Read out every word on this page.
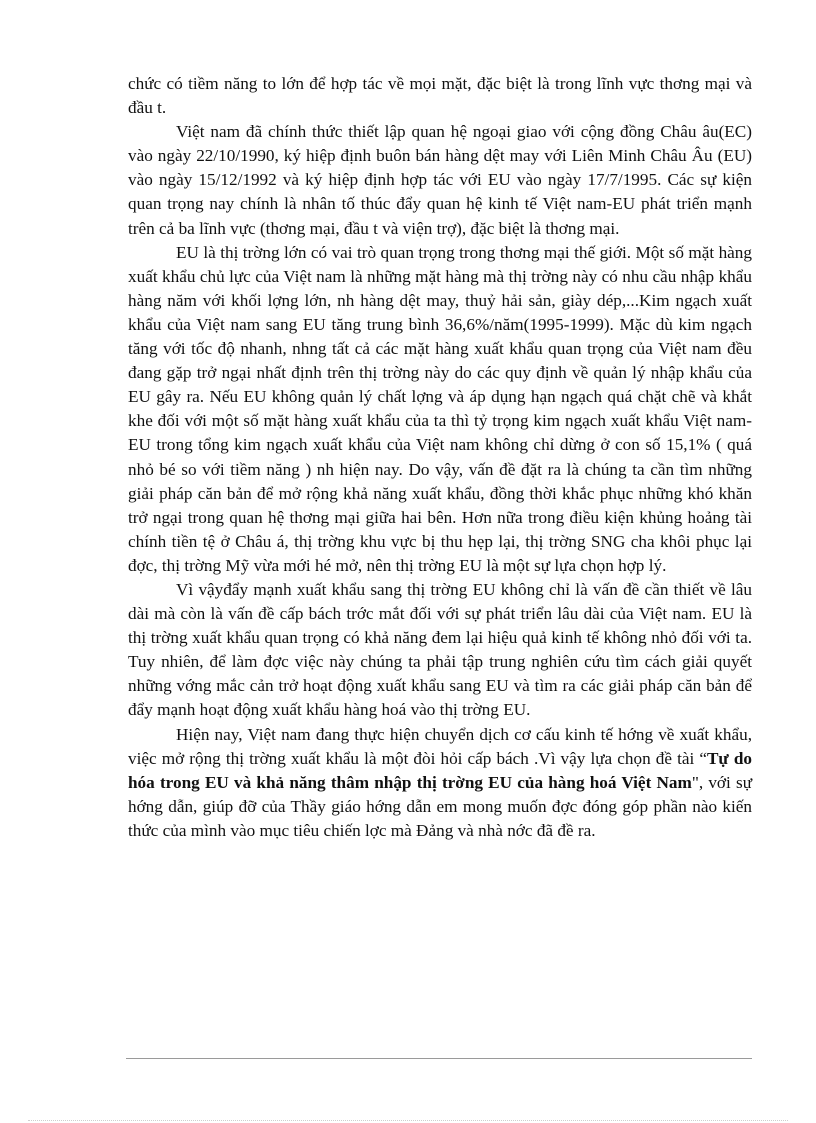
chức có tiềm năng to lớn để hợp tác về mọi mặt, đặc biệt là trong lĩnh vực thơng mại và đầu t.

Việt nam đã chính thức thiết lập quan hệ ngoại giao với cộng đồng Châu âu(EC) vào ngày 22/10/1990, ký hiệp định buôn bán hàng dệt may với Liên Minh Châu Âu (EU) vào ngày 15/12/1992 và ký hiệp định hợp tác với EU vào ngày 17/7/1995. Các sự kiện quan trọng nay chính là nhân tố thúc đẩy quan hệ kinh tế Việt nam-EU phát triển mạnh trên cả ba lĩnh vực (thơng mại, đầu t và viện trợ), đặc biệt là thơng mại.

EU là thị trờng lớn có vai trò quan trọng trong thơng mại thế giới. Một số mặt hàng xuất khẩu chủ lực của Việt nam là những mặt hàng mà thị trờng này có nhu cầu nhập khẩu hàng năm với khối lợng lớn, nh hàng dệt may, thuỷ hải sản, giày dép,...Kim ngạch xuất khẩu của Việt nam sang EU tăng trung bình 36,6%/năm(1995-1999). Mặc dù kim ngạch tăng với tốc độ nhanh, nhng tất cả các mặt hàng xuất khẩu quan trọng của Việt nam đều đang gặp trở ngại nhất định trên thị trờng này do các quy định về quản lý nhập khẩu của EU gây ra. Nếu EU không quản lý chất lợng và áp dụng hạn ngạch quá chặt chẽ và khắt khe đối với một số mặt hàng xuất khẩu của ta thì tỷ trọng kim ngạch xuất khẩu Việt nam-EU trong tổng kim ngạch xuất khẩu của Việt nam không chỉ dừng ở con số 15,1% ( quá nhỏ bé so với tiềm năng ) nh hiện nay. Do vậy, vấn đề đặt ra là chúng ta cần tìm những giải pháp căn bản để mở rộng khả năng xuất khẩu, đồng thời khắc phục những khó khăn trở ngại trong quan hệ thơng mại giữa hai bên. Hơn nữa trong điều kiện khủng hoảng tài chính tiền tệ ở Châu á, thị trờng khu vực bị thu hẹp lại, thị trờng SNG cha khôi phục lại đợc, thị trờng Mỹ vừa mới hé mở, nên thị trờng EU là một sự lựa chọn hợp lý.

Vì vậyđẩy mạnh xuất khẩu sang thị trờng EU không chỉ là vấn đề cần thiết về lâu dài mà còn là vấn đề cấp bách trớc mắt đối với sự phát triển lâu dài của Việt nam. EU là thị trờng xuất khẩu quan trọng có khả năng đem lại hiệu quả kinh tế không nhỏ đối với ta. Tuy nhiên, để làm đợc việc này chúng ta phải tập trung nghiên cứu tìm cách giải quyết những vớng mắc cản trở hoạt động xuất khẩu sang EU và tìm ra các giải pháp căn bản để đẩy mạnh hoạt động xuất khẩu hàng hoá vào thị trờng EU.

Hiện nay, Việt nam đang thực hiện chuyển dịch cơ cấu kinh tế hớng về xuất khẩu, việc mở rộng thị trờng xuất khẩu là một đòi hỏi cấp bách .Vì vậy lựa chọn đề tài “Tự do hóa trong EU và khả năng thâm nhập thị trờng EU của hàng hoá Việt Nam", với sự hớng dẫn, giúp đỡ của Thầy giáo hớng dẫn em mong muốn đợc đóng góp phần nào kiến thức của mình vào mục tiêu chiến lợc mà Đảng và nhà nớc đã đề ra.
